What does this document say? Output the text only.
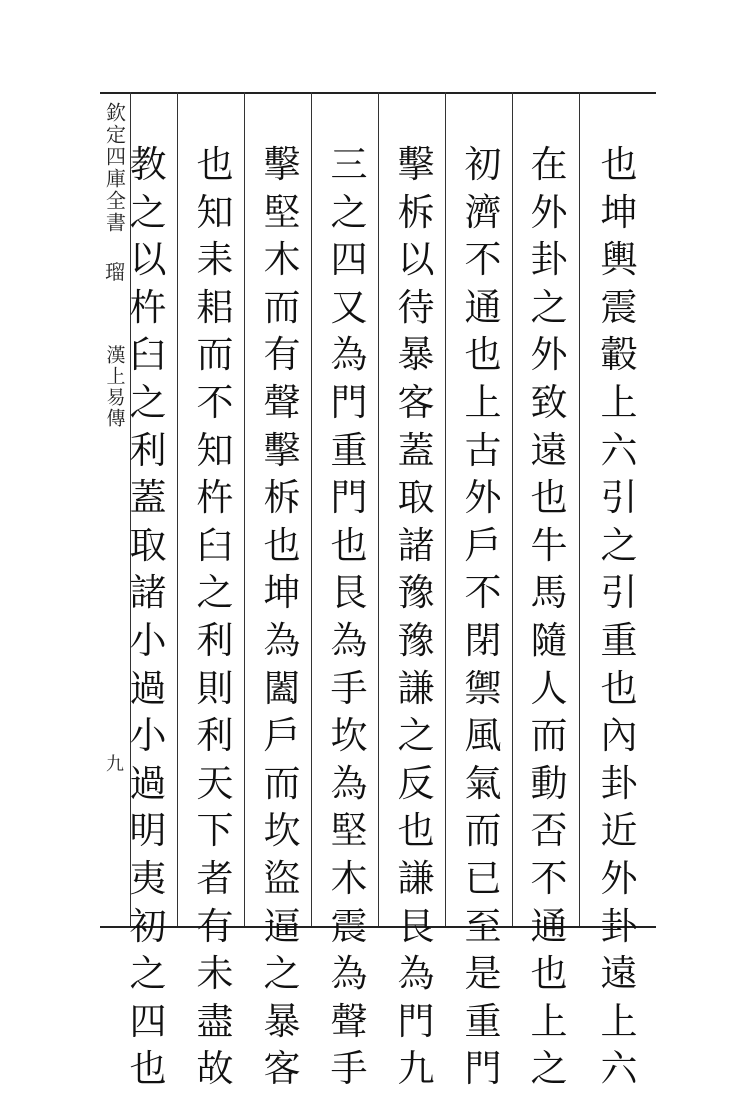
欽定四庫全書
瑠
漢上易傳
九
也
坤
輿
震
轂
上
六
引
之
引
重
也
內
卦
近
外
卦
遠
上
六
在
外
卦
之
外
致
遠
也
牛
馬
隨
人
而
動
否
不
通
也
上
之
初
濟
不
通
也
上
古
外
戶
不
閉
禦
風
氣
而
已
至
是
重
門
擊
柝
以
待
暴
客
蓋
取
諸
豫
豫
謙
之
反
也
謙
艮
為
門
九
三
之
四
又
為
門
重
門
也
艮
為
手
坎
為
堅
木
震
為
聲
手
擊
堅
木
而
有
聲
擊
柝
也
坤
為
闔
戶
而
坎
盜
逼
之
暴
客
也
知
耒
耜
而
不
知
杵
臼
之
利
則
利
天
下
者
有
未
盡
故
教
之
以
杵
臼
之
利
蓋
取
諸
小
過
小
過
明
夷
初
之
四
也
